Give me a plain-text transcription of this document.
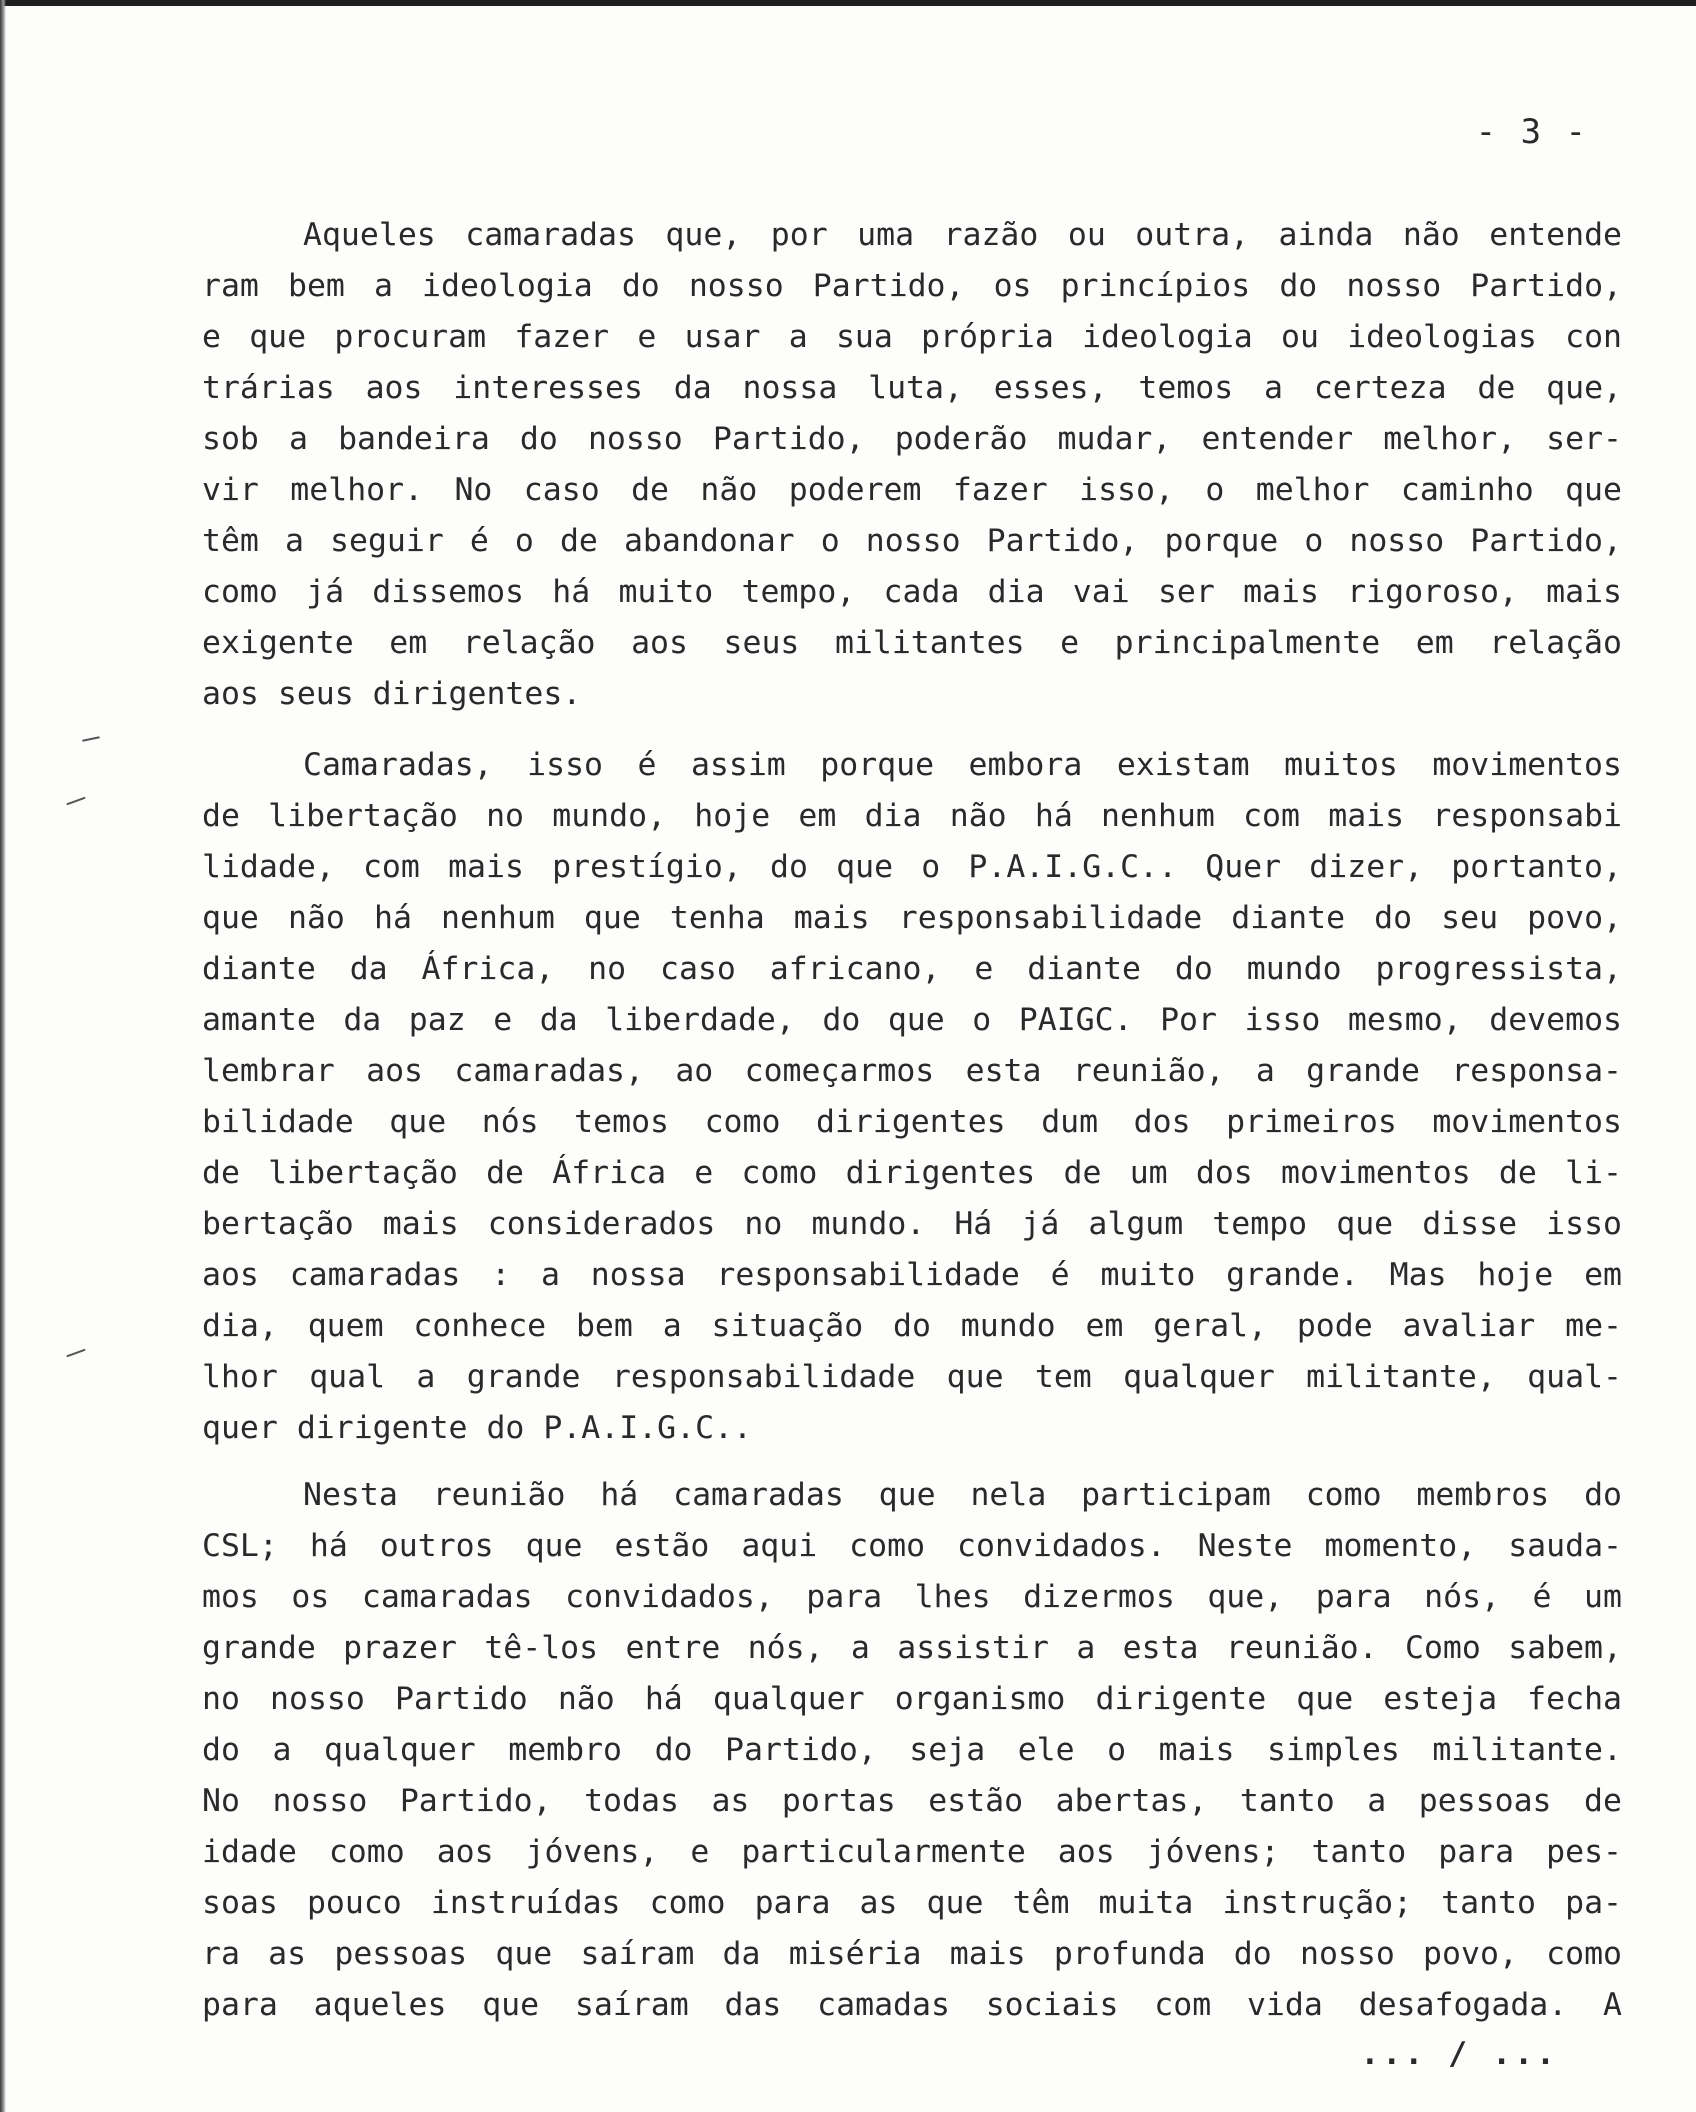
- 3 -
Aqueles camaradas que, por uma razão ou outra, ainda não entende
ram bem a ideologia do nosso Partido, os princípios do nosso Partido,
e que procuram fazer e usar a sua própria ideologia ou ideologias con
trárias aos interesses da nossa luta, esses, temos a certeza de que,
sob a bandeira do nosso Partido, poderão mudar, entender melhor, ser-
vir melhor. No caso de não poderem fazer isso, o melhor caminho que
têm a seguir é o de abandonar o nosso Partido, porque o nosso Partido,
como já dissemos há muito tempo, cada dia vai ser mais rigoroso, mais
exigente em relação aos seus militantes e principalmente em relação
aos seus dirigentes.
Camaradas, isso é assim porque embora existam muitos movimentos
de libertação no mundo, hoje em dia não há nenhum com mais responsabi
lidade, com mais prestígio, do que o P.A.I.G.C.. Quer dizer, portanto,
que não há nenhum que tenha mais responsabilidade diante do seu povo,
diante da África, no caso africano, e diante do mundo progressista,
amante da paz e da liberdade, do que o PAIGC. Por isso mesmo, devemos
lembrar aos camaradas, ao começarmos esta reunião, a grande responsa-
bilidade que nós temos como dirigentes dum dos primeiros movimentos
de libertação de África e como dirigentes de um dos movimentos de li-
bertação mais considerados no mundo. Há já algum tempo que disse isso
aos camaradas : a nossa responsabilidade é muito grande. Mas hoje em
dia, quem conhece bem a situação do mundo em geral, pode avaliar me-
lhor qual a grande responsabilidade que tem qualquer militante, qual-
quer dirigente do P.A.I.G.C..
Nesta reunião há camaradas que nela participam como membros do
CSL; há outros que estão aqui como convidados. Neste momento, sauda-
mos os camaradas convidados, para lhes dizermos que, para nós, é um
grande prazer tê-los entre nós, a assistir a esta reunião. Como sabem,
no nosso Partido não há qualquer organismo dirigente que esteja fecha
do a qualquer membro do Partido, seja ele o mais simples militante.
No nosso Partido, todas as portas estão abertas, tanto a pessoas de
idade como aos jóvens, e particularmente aos jóvens; tanto para pes-
soas pouco instruídas como para as que têm muita instrução; tanto pa-
ra as pessoas que saíram da miséria mais profunda do nosso povo, como
para aqueles que saíram das camadas sociais com vida desafogada. A
... / ...
